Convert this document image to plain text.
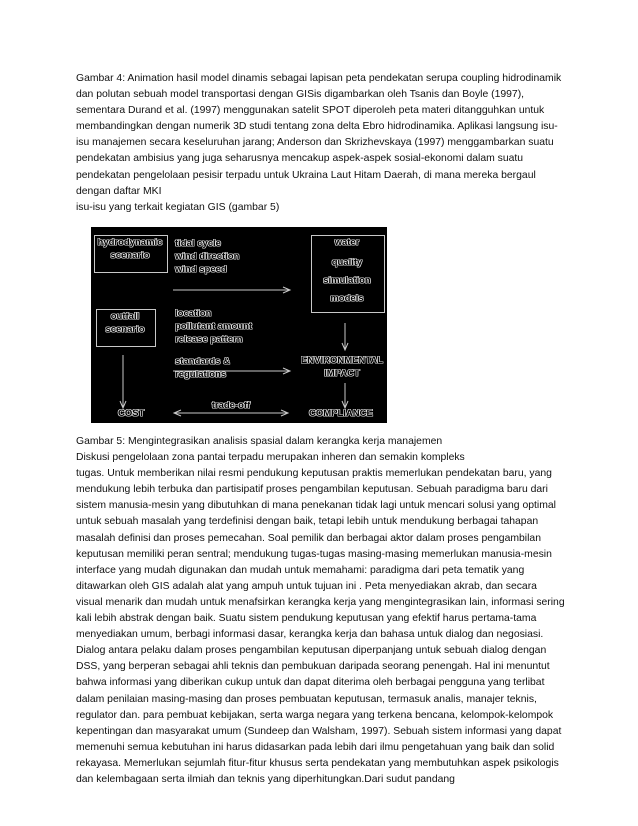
Gambar 4: Animation hasil model dinamis sebagai lapisan peta pendekatan serupa coupling hidrodinamik dan polutan sebuah model transportasi dengan GISis digambarkan oleh Tsanis dan Boyle (1997), sementara Durand et al. (1997) menggunakan satelit SPOT diperoleh peta materi ditangguhkan untuk membandingkan dengan numerik 3D studi tentang zona delta Ebro hidrodinamika. Aplikasi langsung isu-isu manajemen secara keseluruhan jarang; Anderson dan Skrizhevskaya (1997) menggambarkan suatu pendekatan ambisius yang juga seharusnya mencakup aspek-aspek sosial-ekonomi dalam suatu pendekatan pengelolaan pesisir terpadu untuk Ukraina Laut Hitam Daerah, di mana mereka bergaul dengan daftar MKI
isu-isu yang terkait kegiatan GIS (gambar 5)
hydrodynamic
scenario
tidal cycle
wind direction
wind speed
water
quality
simulation
models
outfall
scenario
location
pollutant amount
release pattern
standards &
regulations
ENVIRONMENTAL
IMPACT
COST
trade-off
COMPLIANCE
Gambar 5: Mengintegrasikan analisis spasial dalam kerangka kerja manajemen
Diskusi pengelolaan zona pantai terpadu merupakan inheren dan semakin kompleks
tugas. Untuk memberikan nilai resmi pendukung keputusan praktis memerlukan pendekatan baru, yang mendukung lebih terbuka dan partisipatif proses pengambilan keputusan. Sebuah paradigma baru dari sistem manusia-mesin yang dibutuhkan di mana penekanan tidak lagi untuk mencari solusi yang optimal untuk sebuah masalah yang terdefinisi dengan baik, tetapi lebih untuk mendukung berbagai tahapan masalah definisi dan proses pemecahan. Soal pemilik dan berbagai aktor dalam proses pengambilan keputusan memiliki peran sentral; mendukung tugas-tugas masing-masing memerlukan manusia-mesin interface yang mudah digunakan dan mudah untuk memahami: paradigma dari peta tematik yang ditawarkan oleh GIS adalah alat yang ampuh untuk tujuan ini . Peta menyediakan akrab, dan secara visual menarik dan mudah untuk menafsirkan kerangka kerja yang mengintegrasikan lain, informasi sering kali lebih abstrak dengan baik. Suatu sistem pendukung keputusan yang efektif harus pertama-tama menyediakan umum, berbagi informasi dasar, kerangka kerja dan bahasa untuk dialog dan negosiasi. Dialog antara pelaku dalam proses pengambilan keputusan diperpanjang untuk sebuah dialog dengan DSS, yang berperan sebagai ahli teknis dan pembukuan daripada seorang penengah. Hal ini menuntut bahwa informasi yang diberikan cukup untuk dan dapat diterima oleh berbagai pengguna yang terlibat dalam penilaian masing-masing dan proses pembuatan keputusan, termasuk analis, manajer teknis, regulator dan. para pembuat kebijakan, serta warga negara yang terkena bencana, kelompok-kelompok kepentingan dan masyarakat umum (Sundeep dan Walsham, 1997). Sebuah sistem informasi yang dapat memenuhi semua kebutuhan ini harus didasarkan pada lebih dari ilmu pengetahuan yang baik dan solid rekayasa. Memerlukan sejumlah fitur-fitur khusus serta pendekatan yang membutuhkan aspek psikologis dan kelembagaan serta ilmiah dan teknis yang diperhitungkan.Dari sudut pandang
